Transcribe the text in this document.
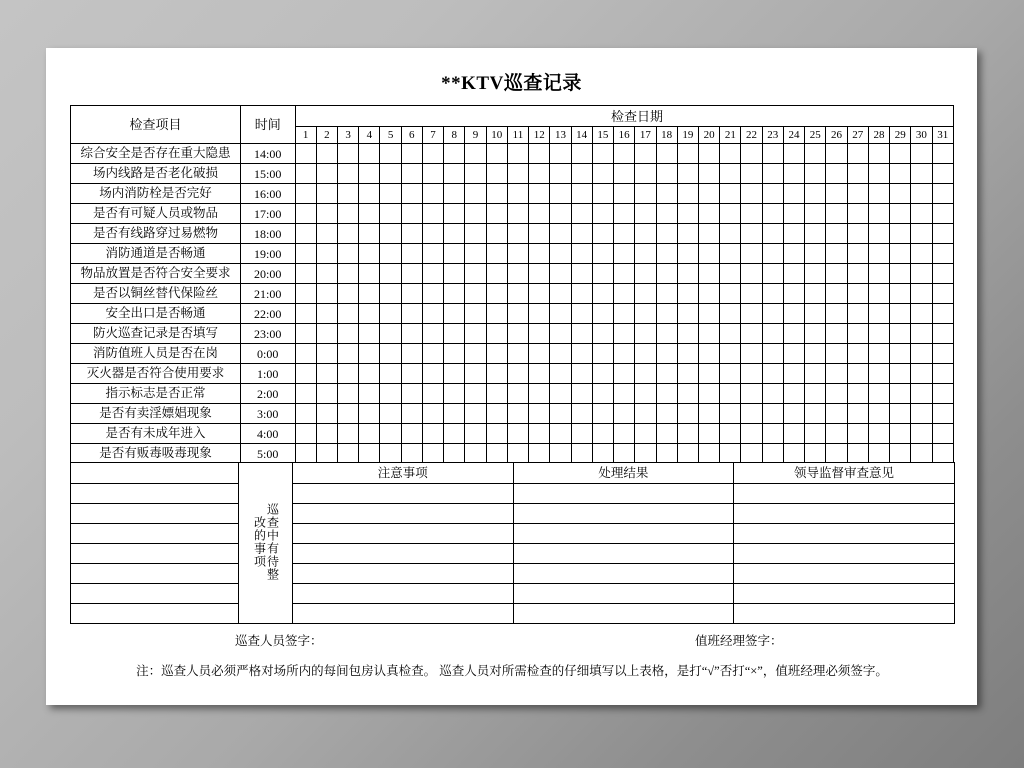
**KTV巡查记录
检查项目	时间	检查日期																														
		1	2	3	4	5	6	7	8	9	10	11	12	13	14	15	16	17	18	19	20	21	22	23	24	25	26	27	28	29	30	31
综合安全是否存在重大隐患	14:00																															
场内线路是否老化破损	15:00																															
场内消防栓是否完好	16:00																															
是否有可疑人员或物品	17:00																															
是否有线路穿过易燃物	18:00																															
消防通道是否畅通	19:00																															
物品放置是否符合安全要求	20:00																															
是否以铜丝替代保险丝	21:00																															
安全出口是否畅通	22:00																															
防火巡查记录是否填写	23:00																															
消防值班人员是否在岗	0:00																															
灭火器是否符合使用要求	1:00																															
指示标志是否正常	2:00																															
是否有卖淫嫖娼现象	3:00																															
是否有未成年进入	4:00																															
是否有贩毒吸毒现象	5:00																															

	巡查中有待整改的事项	注意事项	处理结果	领导监督审查意见

巡查人员签字：	值班经理签字：
注：巡查人员必须严格对场所内的每间包房认真检查。 巡查人员对所需检查的仔细填写以上表格，是打“√”否打“×”，值班经理必须签字。
